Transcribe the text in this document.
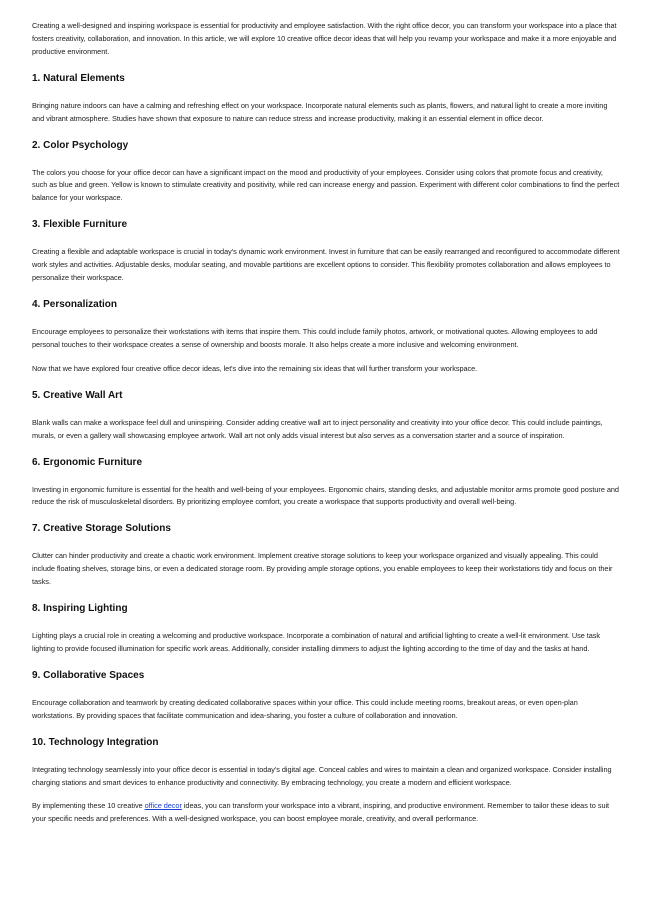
Creating a well-designed and inspiring workspace is essential for productivity and employee satisfaction. With the right office decor, you can transform your workspace into a place that fosters creativity, collaboration, and innovation. In this article, we will explore 10 creative office decor ideas that will help you revamp your workspace and make it a more enjoyable and productive environment.

1. Natural Elements

Bringing nature indoors can have a calming and refreshing effect on your workspace. Incorporate natural elements such as plants, flowers, and natural light to create a more inviting and vibrant atmosphere. Studies have shown that exposure to nature can reduce stress and increase productivity, making it an essential element in office decor.

2. Color Psychology

The colors you choose for your office decor can have a significant impact on the mood and productivity of your employees. Consider using colors that promote focus and creativity, such as blue and green. Yellow is known to stimulate creativity and positivity, while red can increase energy and passion. Experiment with different color combinations to find the perfect balance for your workspace.

3. Flexible Furniture

Creating a flexible and adaptable workspace is crucial in today's dynamic work environment. Invest in furniture that can be easily rearranged and reconfigured to accommodate different work styles and activities. Adjustable desks, modular seating, and movable partitions are excellent options to consider. This flexibility promotes collaboration and allows employees to personalize their workspace.

4. Personalization

Encourage employees to personalize their workstations with items that inspire them. This could include family photos, artwork, or motivational quotes. Allowing employees to add personal touches to their workspace creates a sense of ownership and boosts morale. It also helps create a more inclusive and welcoming environment.

Now that we have explored four creative office decor ideas, let's dive into the remaining six ideas that will further transform your workspace.

5. Creative Wall Art

Blank walls can make a workspace feel dull and uninspiring. Consider adding creative wall art to inject personality and creativity into your office decor. This could include paintings, murals, or even a gallery wall showcasing employee artwork. Wall art not only adds visual interest but also serves as a conversation starter and a source of inspiration.

6. Ergonomic Furniture

Investing in ergonomic furniture is essential for the health and well-being of your employees. Ergonomic chairs, standing desks, and adjustable monitor arms promote good posture and reduce the risk of musculoskeletal disorders. By prioritizing employee comfort, you create a workspace that supports productivity and overall well-being.

7. Creative Storage Solutions

Clutter can hinder productivity and create a chaotic work environment. Implement creative storage solutions to keep your workspace organized and visually appealing. This could include floating shelves, storage bins, or even a dedicated storage room. By providing ample storage options, you enable employees to keep their workstations tidy and focus on their tasks.

8. Inspiring Lighting

Lighting plays a crucial role in creating a welcoming and productive workspace. Incorporate a combination of natural and artificial lighting to create a well-lit environment. Use task lighting to provide focused illumination for specific work areas. Additionally, consider installing dimmers to adjust the lighting according to the time of day and the tasks at hand.

9. Collaborative Spaces

Encourage collaboration and teamwork by creating dedicated collaborative spaces within your office. This could include meeting rooms, breakout areas, or even open-plan workstations. By providing spaces that facilitate communication and idea-sharing, you foster a culture of collaboration and innovation.

10. Technology Integration

Integrating technology seamlessly into your office decor is essential in today's digital age. Conceal cables and wires to maintain a clean and organized workspace. Consider installing charging stations and smart devices to enhance productivity and connectivity. By embracing technology, you create a modern and efficient workspace.

By implementing these 10 creative office decor ideas, you can transform your workspace into a vibrant, inspiring, and productive environment. Remember to tailor these ideas to suit your specific needs and preferences. With a well-designed workspace, you can boost employee morale, creativity, and overall performance.
